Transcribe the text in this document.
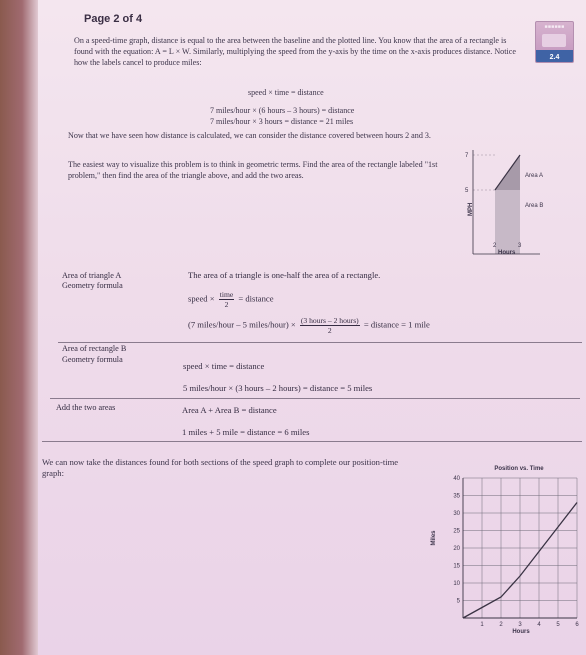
Page 2 of 4
■■■■■■
2.4
On a speed-time graph, distance is equal to the area between the baseline and the plotted line. You know that the area of a rectangle is found with the equation: A = L × W. Similarly, multiplying the speed from the y-axis by the time on the x-axis produces distance. Notice how the labels cancel to produce miles:
speed × time = distance
7 miles/hour × (6 hours – 3 hours) = distance
7 miles/hour × 3 hours = distance = 21 miles
Now that we have seen how distance is calculated, we can consider the distance covered between hours 2 and 3.
The easiest way to visualize this problem is to think in geometric terms. Find the area of the rectangle labeled "1st problem," then find the area of the triangle above, and add the two areas.
7
5
2	3
Area A
Area B
MPH
Hours
Area of triangle A
Geometry formula
The area of a triangle is one-half the area of a rectangle.
speed × $\frac{\text{time}}{2}$ = distance
(7 miles/hour – 5 miles/hour) × $\frac{\text{(3 hours – 2 hours)}}{2}$ = distance = 1 mile
Area of rectangle B
Geometry formula
speed × time = distance
5 miles/hour × (3 hours – 2 hours) = distance = 5 miles
Add the two areas	Area A + Area B = distance
1 miles + 5 mile = distance = 6 miles
We can now take the distances found for both sections of the speed graph to complete our position-time graph:	Position vs. Time
Miles
Hours
1	2	3	4	5	6
5
10
15
20
25
30
35
40
